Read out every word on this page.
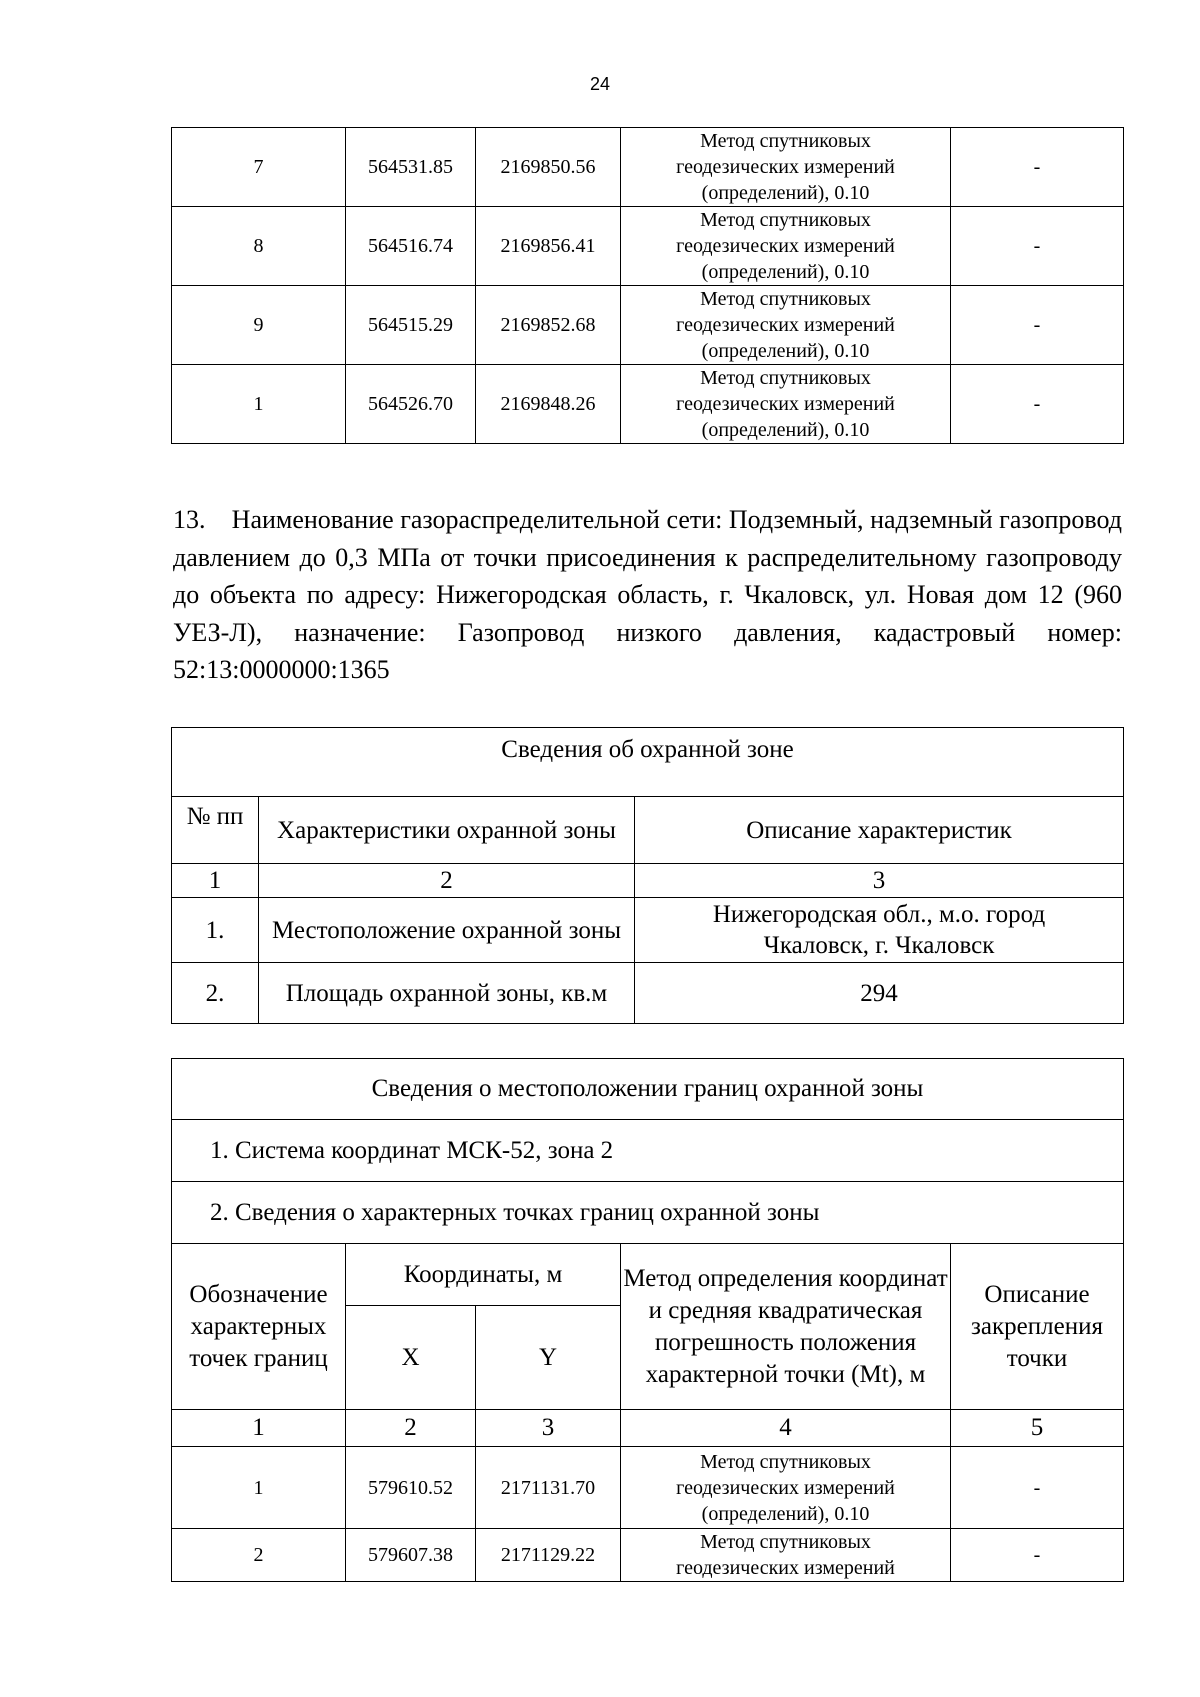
24
7	564531.85	2169850.56	Метод спутниковых
геодезических измерений
(определений), 0.10	-
8	564516.74	2169856.41	Метод спутниковых
геодезических измерений
(определений), 0.10	-
9	564515.29	2169852.68	Метод спутниковых
геодезических измерений
(определений), 0.10	-
1	564526.70	2169848.26	Метод спутниковых
геодезических измерений
(определений), 0.10	-
13.    Наименование газораспределительной сети: Подземный, надземный газопровод давлением до 0,3 МПа от точки присоединения к распределительному газопроводу до объекта по адресу: Нижегородская область, г. Чкаловск, ул. Новая дом 12 (960 УЕЗ-Л), назначение: Газопровод низкого давления, кадастровый номер: 52:13:0000000:1365
Сведения об охранной зоне		
№ пп	Характеристики охранной зоны	Описание характеристик
1	2	3
1.	Местоположение охранной зоны	Нижегородская обл., м.о. город Чкаловск, г. Чкаловск
2.	Площадь охранной зоны, кв.м	294
Сведения о местоположении границ охранной зоны				
1. Система координат МСК-52, зона 2				
2. Сведения о характерных точках границ охранной зоны				
Обозначение характерных точек границ	Координаты, м		Метод определения координат и средняя квадратическая погрешность положения характерной точки (Mt), м	Описание закрепления точки
	X	Y		
1	2	3	4	5
1	579610.52	2171131.70	Метод спутниковых
геодезических измерений
(определений), 0.10	-
2	579607.38	2171129.22	Метод спутниковых
геодезических измерений	-
